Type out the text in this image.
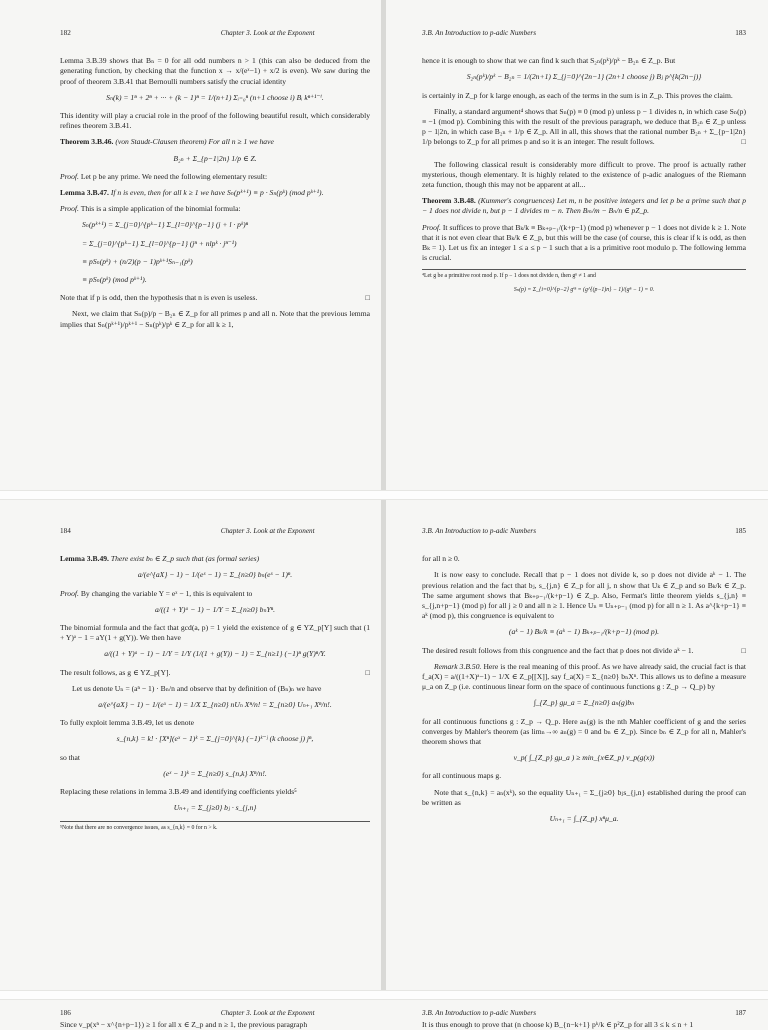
182	Chapter 3. Look at the Exponent

Lemma 3.B.39 shows that Bₙ = 0 for all odd numbers n > 1 (this can also be deduced from the generating function, by checking that the function x → x/(eˣ−1) + x/2 is even). We saw during the proof of theorem 3.B.41 that Bernoulli numbers satisfy the crucial identity

Sₙ(k) = 1ⁿ + 2ⁿ + ··· + (k − 1)ⁿ = 1/(n+1) Σᵢ₌₀ⁿ (n+1 choose i) Bᵢ kⁿ⁺¹⁻ⁱ.

This identity will play a crucial role in the proof of the following beautiful result, which considerably refines theorem 3.B.41.

Theorem 3.B.46. (von Staudt-Clausen theorem) For all n ≥ 1 we have

B₂ₙ + Σ_{p−1|2n} 1/p ∈ Z.

Proof. Let p be any prime. We need the following elementary result:

Lemma 3.B.47. If n is even, then for all k ≥ 1 we have Sₙ(pᵏ⁺¹) ≡ p · Sₙ(pᵏ) (mod pᵏ⁺¹).

Proof. This is a simple application of the binomial formula:

Sₙ(pᵏ⁺¹) = Σ_{j=0}^{pᵏ−1} Σ_{l=0}^{p−1} (j + l · pᵏ)ⁿ
= Σ_{j=0}^{pᵏ−1} Σ_{l=0}^{p−1} (jⁿ + nlpᵏ · jⁿ⁻¹)
≡ pSₙ(pᵏ) + (n/2)(p − 1)pᵏ⁺¹Sₙ₋₁(pᵏ)
≡ pSₙ(pᵏ) (mod pᵏ⁺¹).

Note that if p is odd, then the hypothesis that n is even is useless.	□

Next, we claim that Sₙ(p)/p − B₂ₙ ∈ Z_p for all primes p and all n. Note that the previous lemma implies that Sₙ(pᵏ⁺¹)/pᵏ⁺¹ − Sₙ(pᵏ)/pᵏ ∈ Z_p for all k ≥ 1,

3.B. An Introduction to p-adic Numbers	183

hence it is enough to show that we can find k such that S₂ₙ(pᵏ)/pᵏ − B₂ₙ ∈ Z_p. But

S₂ₙ(pᵏ)/pᵏ − B₂ₙ = 1/(2n+1) Σ_{j=0}^{2n−1} (2n+1 choose j) Bⱼ p^{k(2n−j)}

is certainly in Z_p for k large enough, as each of the terms in the sum is in Z_p. This proves the claim.

Finally, a standard argument⁴ shows that Sₙ(p) ≡ 0 (mod p) unless p − 1 divides n, in which case Sₙ(p) ≡ −1 (mod p). Combining this with the result of the previous paragraph, we deduce that B₂ₙ ∈ Z_p unless p − 1|2n, in which case B₂ₙ + 1/p ∈ Z_p. All in all, this shows that the rational number B₂ₙ + Σ_{p−1|2n} 1/p belongs to Z_p for all primes p and so it is an integer. The result follows.	□

The following classical result is considerably more difficult to prove. The proof is actually rather mysterious, though elementary. It is highly related to the existence of p-adic analogues of the Riemann zeta function, though this may not be apparent at all...

Theorem 3.B.48. (Kummer's congruences) Let m, n be positive integers and let p be a prime such that p − 1 does not divide n, but p − 1 divides m − n. Then Bₘ/m − Bₙ/n ∈ pZ_p.

Proof. It suffices to prove that Bₖ/k ≡ Bₖ₊ₚ₋₁/(k+p−1) (mod p) whenever p − 1 does not divide k ≥ 1. Note that it is not even clear that Bₖ/k ∈ Z_p, but this will be the case (of course, this is clear if k is odd, as then Bₖ = 1). Let us fix an integer 1 ≤ a ≤ p − 1 such that a is a primitive root modulo p. The following lemma is crucial.

⁴Let g be a primitive root mod p. If p − 1 does not divide n, then gⁿ ≠ 1 and
Sₙ(p) = Σ_{i=0}^{p−2} gⁱⁿ = (g^{(p−1)n} − 1)/(gⁿ − 1) = 0.
184	Chapter 3. Look at the Exponent

Lemma 3.B.49. There exist bₙ ∈ Z_p such that (as formal series)

a/(e^{aX} − 1) − 1/(eˣ − 1) = Σ_{n≥0} bₙ(eˣ − 1)ⁿ.

Proof. By changing the variable Y = eˣ − 1, this is equivalent to

a/((1 + Y)ᵃ − 1) − 1/Y = Σ_{n≥0} bₙYⁿ.

The binomial formula and the fact that gcd(a, p) = 1 yield the existence of g ∈ YZ_p[Y] such that (1 + Y)ᵃ − 1 = aY(1 + g(Y)). We then have

a/((1 + Y)ᵃ − 1) − 1/Y = 1/Y (1/(1 + g(Y)) − 1) = Σ_{n≥1} (−1)ⁿ g(Y)ⁿ/Y.

The result follows, as g ∈ YZ_p[Y].	□

Let us denote Uₙ = (aⁿ − 1) · Bₙ/n and observe that by definition of (Bₙ)ₙ we have

a/(e^{aX} − 1) − 1/(eˣ − 1) = 1/X Σ_{n≥0} nUₙ Xⁿ/n! = Σ_{n≥0} Uₙ₊₁ Xⁿ/n!.

To fully exploit lemma 3.B.49, let us denote

s_{n,k} = k! · [Xⁿ](eˣ − 1)ᵏ = Σ_{j=0}^{k} (−1)ᵏ⁻ʲ (k choose j) jⁿ,

so that

(eˣ − 1)ᵏ = Σ_{n≥0} s_{n,k} Xⁿ/n!.

Replacing these relations in lemma 3.B.49 and identifying coefficients yields⁵

Uₙ₊₁ = Σ_{j≥0} bⱼ · s_{j,n}
⁵Note that there are no convergence issues, as s_{n,k} = 0 for n > k.
3.B. An Introduction to p-adic Numbers	185

for all n ≥ 0.

It is now easy to conclude. Recall that p − 1 does not divide k, so p does not divide aᵏ − 1. The previous relation and the fact that bⱼ, s_{j,n} ∈ Z_p for all j, n show that Uₖ ∈ Z_p and so Bₖ/k ∈ Z_p. The same argument shows that Bₖ₊ₚ₋₁/(k+p−1) ∈ Z_p. Also, Fermat's little theorem yields s_{j,n} ≡ s_{j,n+p−1} (mod p) for all j ≥ 0 and all n ≥ 1. Hence Uₙ ≡ Uₙ₊ₚ₋₁ (mod p) for all n ≥ 1. As a^{k+p−1} ≡ aᵏ (mod p), this congruence is equivalent to

(aᵏ − 1) Bₖ/k ≡ (aᵏ − 1) Bₖ₊ₚ₋₁/(k+p−1) (mod p).

The desired result follows from this congruence and the fact that p does not divide aᵏ − 1.	□

Remark 3.B.50. Here is the real meaning of this proof. As we have already said, the crucial fact is that f_a(X) = a/((1+X)ᵃ−1) − 1/X ∈ Z_p[[X]], say f_a(X) = Σ_{n≥0} bₙXⁿ. This allows us to define a measure μ_a on Z_p (i.e. continuous linear form on the space of continuous functions g : Z_p → Q_p) by

∫_{Z_p} gμ_a = Σ_{n≥0} aₙ(g)bₙ

for all continuous functions g : Z_p → Q_p. Here aₙ(g) is the nth Mahler coefficient of g and the series converges by Mahler's theorem (as limₙ→∞ aₙ(g) = 0 and bₙ ∈ Z_p). Since bₙ ∈ Z_p for all n, Mahler's theorem shows that

v_p( ∫_{Z_p} gμ_a ) ≥ min_{x∈Z_p} v_p(g(x))

for all continuous maps g.

Note that s_{n,k} = aₙ(xᵏ), so the equality Uₙ₊₁ = Σ_{j≥0} bⱼs_{j,n} established during the proof can be written as

Uₙ₊₁ = ∫_{Z_p} xⁿμ_a.
186	Chapter 3. Look at the Exponent

Since v_p(xⁿ − x^{n+p−1}) ≥ 1 for all x ∈ Z_p and n ≥ 1, the previous paragraph

3.B. An Introduction to p-adic Numbers	187

It is thus enough to prove that (n choose k) B_{n−k+1} pᵏ/k ∈ p²Z_p for all 3 ≤ k ≤ n + 1
